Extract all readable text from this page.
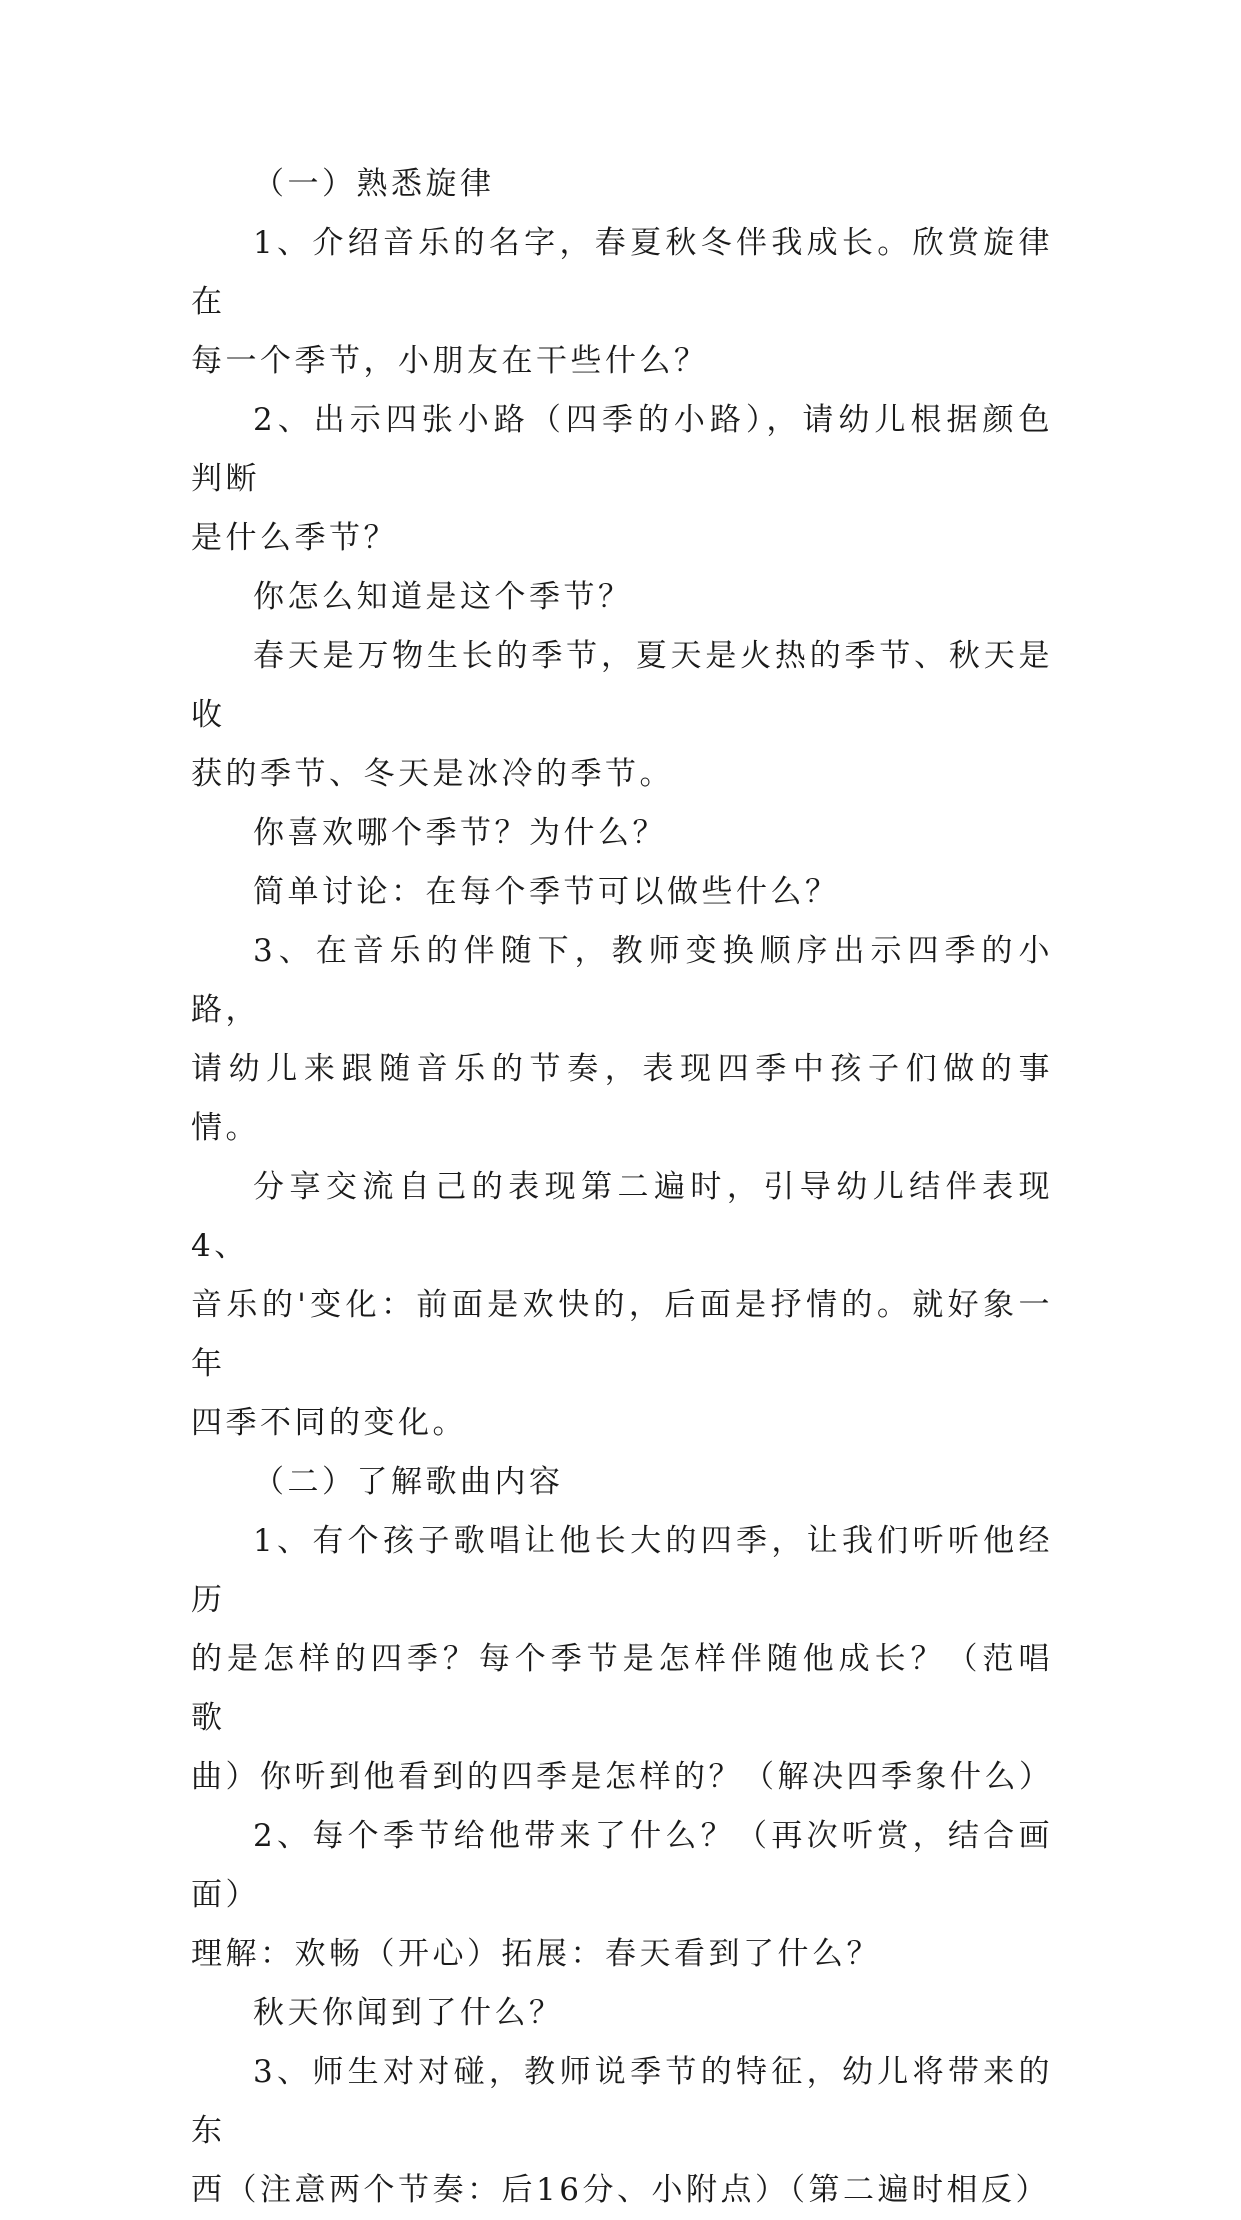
（一）熟悉旋律

1、介绍音乐的名字，春夏秋冬伴我成长。欣赏旋律在
每一个季节，小朋友在干些什么？

2、出示四张小路（四季的小路），请幼儿根据颜色判断
是什么季节？

你怎么知道是这个季节？

春天是万物生长的季节，夏天是火热的季节、秋天是收
获的季节、冬天是冰冷的季节。

你喜欢哪个季节？为什么？

简单讨论：在每个季节可以做些什么？

3、在音乐的伴随下，教师变换顺序出示四季的小路，
请幼儿来跟随音乐的节奏，表现四季中孩子们做的事情。

分享交流自己的表现第二遍时，引导幼儿结伴表现4、
音乐的'变化：前面是欢快的，后面是抒情的。就好象一年
四季不同的变化。

（二）了解歌曲内容

1、有个孩子歌唱让他长大的四季，让我们听听他经历
的是怎样的四季？每个季节是怎样伴随他成长？（范唱歌
曲）你听到他看到的四季是怎样的？（解决四季象什么）

2、每个季节给他带来了什么？（再次听赏，结合画面）
理解：欢畅（开心）拓展：春天看到了什么？

秋天你闻到了什么？

3、师生对对碰，教师说季节的特征，幼儿将带来的东
西（注意两个节奏：后16分、小附点）（第二遍时相反）
